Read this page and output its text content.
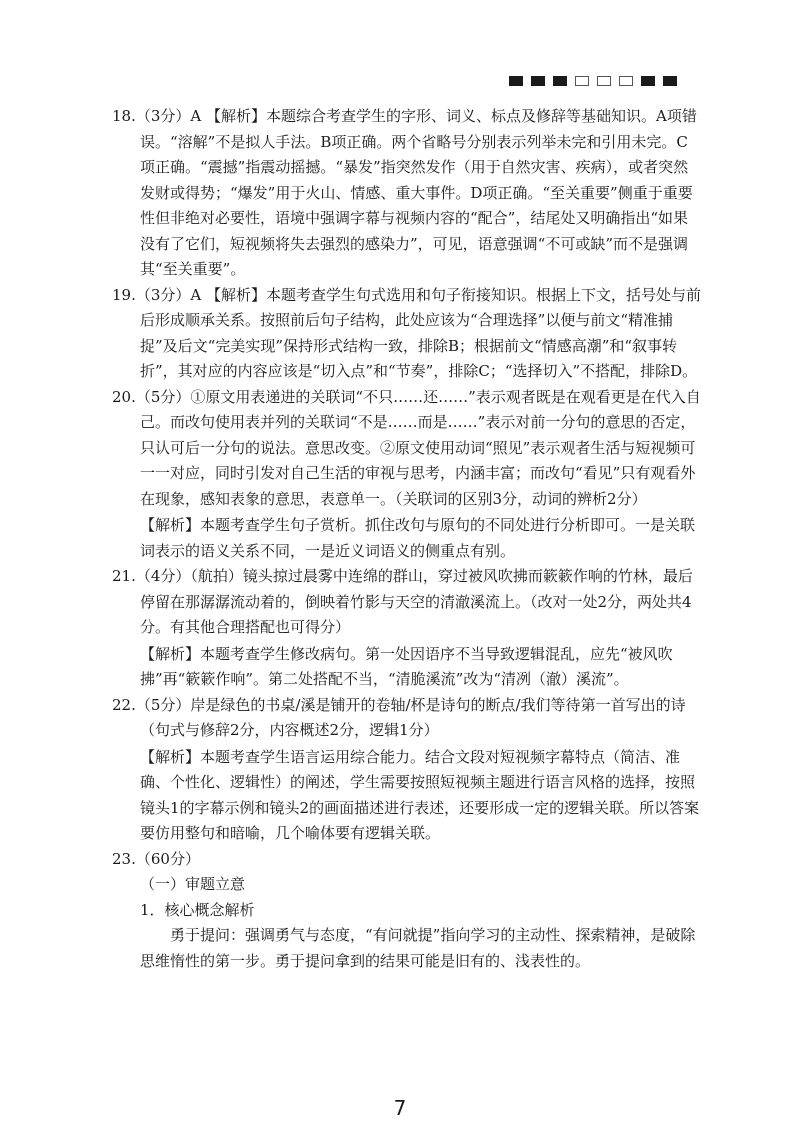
18.（3分）A 【解析】本题综合考查学生的字形、词义、标点及修辞等基础知识。A项错误。“溶解”不是拟人手法。B项正确。两个省略号分别表示列举未完和引用未完。C项正确。“震撼”指震动摇撼。“暴发”指突然发作（用于自然灾害、疾病），或者突然发财或得势；“爆发”用于火山、情感、重大事件。D项正确。“至关重要”侧重于重要性但非绝对必要性，语境中强调字幕与视频内容的“配合”，结尾处又明确指出“如果没有了它们，短视频将失去强烈的感染力”，可见，语意强调“不可或缺”而不是强调其“至关重要”。

19.（3分）A 【解析】本题考查学生句式选用和句子衔接知识。根据上下文，括号处与前后形成顺承关系。按照前后句子结构，此处应该为“合理选择”以便与前文“精准捕捉”及后文“完美实现”保持形式结构一致，排除B；根据前文“情感高潮”和“叙事转折”，其对应的内容应该是“切入点”和“节奏”，排除C；“选择切入”不搭配，排除D。

20.（5分）①原文用表递进的关联词“不只……还……”表示观者既是在观看更是在代入自己。而改句使用表并列的关联词“不是……而是……”表示对前一分句的意思的否定，只认可后一分句的说法。意思改变。②原文使用动词“照见”表示观者生活与短视频可一一对应，同时引发对自己生活的审视与思考，内涵丰富；而改句“看见”只有观看外在现象，感知表象的意思，表意单一。（关联词的区别3分，动词的辨析2分）

【解析】本题考查学生句子赏析。抓住改句与原句的不同处进行分析即可。一是关联词表示的语义关系不同，一是近义词语义的侧重点有别。

21.（4分）（航拍）镜头掠过晨雾中连绵的群山，穿过被风吹拂而簌簌作响的竹林，最后停留在那潺潺流动着的，倒映着竹影与天空的清澈溪流上。（改对一处2分，两处共4分。有其他合理搭配也可得分）

【解析】本题考查学生修改病句。第一处因语序不当导致逻辑混乱，应先“被风吹拂”再“簌簌作响”。第二处搭配不当，“清脆溪流”改为“清冽（澈）溪流”。

22.（5分）岸是绿色的书桌/溪是铺开的卷轴/杯是诗句的断点/我们等待第一首写出的诗（句式与修辞2分，内容概述2分，逻辑1分）

【解析】本题考查学生语言运用综合能力。结合文段对短视频字幕特点（简洁、准确、个性化、逻辑性）的阐述，学生需要按照短视频主题进行语言风格的选择，按照镜头1的字幕示例和镜头2的画面描述进行表述，还要形成一定的逻辑关联。所以答案要仿用整句和暗喻，几个喻体要有逻辑关联。

23.（60分）

（一）审题立意

1．核心概念解析

勇于提问：强调勇气与态度，“有问就提”指向学习的主动性、探索精神，是破除思维惰性的第一步。勇于提问拿到的结果可能是旧有的、浅表性的。

7
